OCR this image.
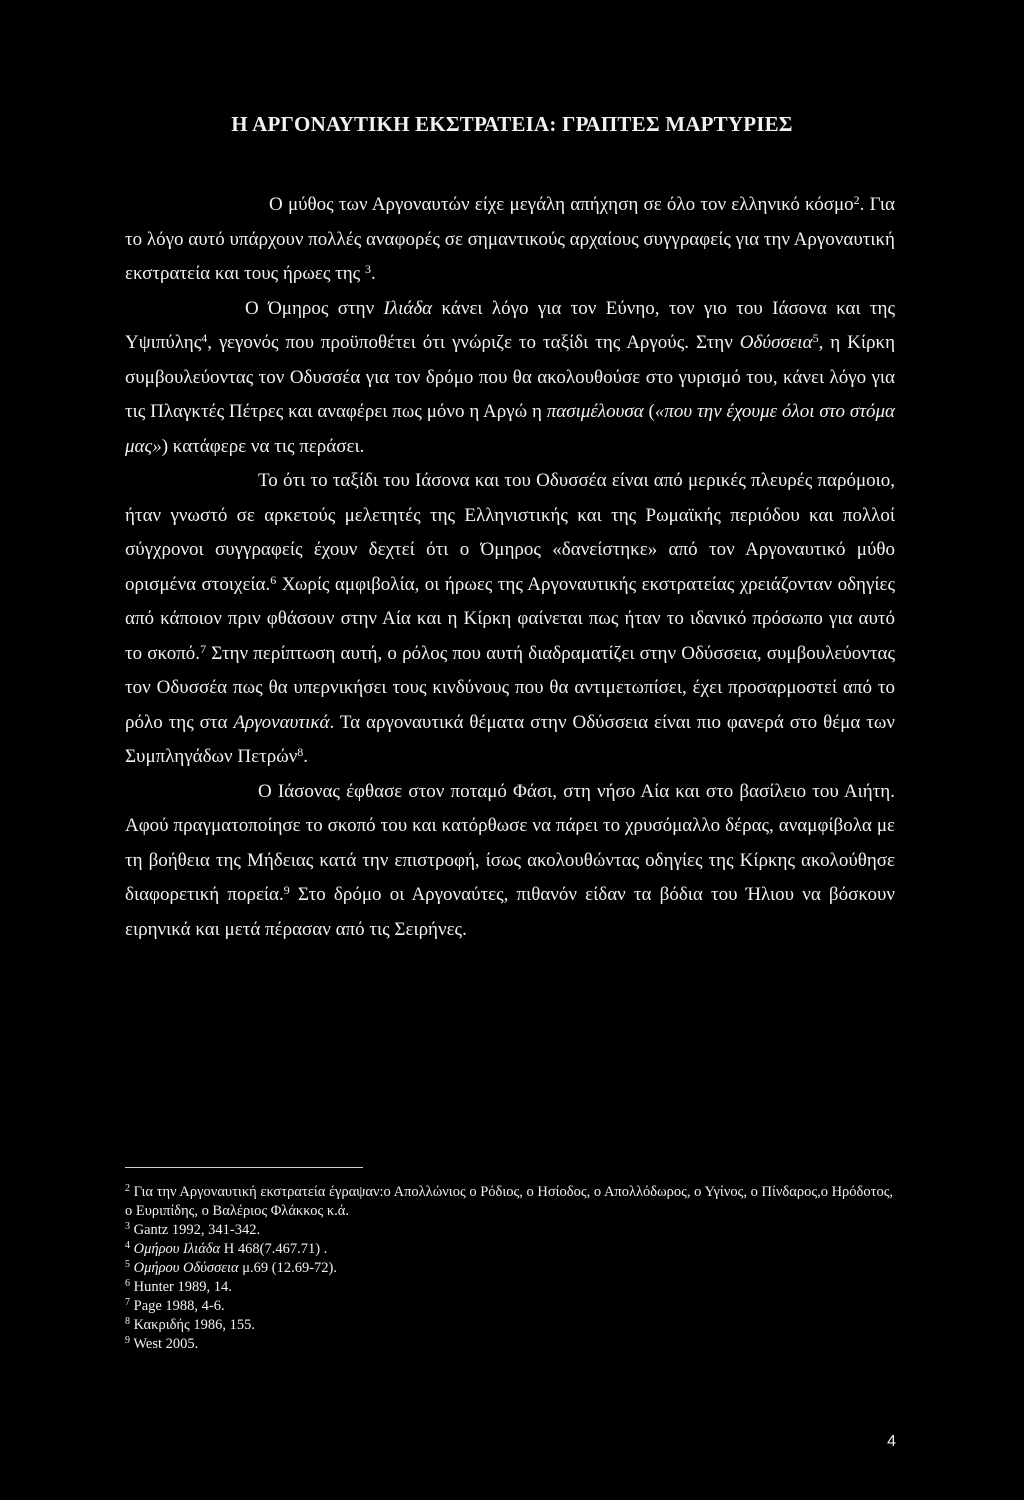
Η ΑΡΓΟΝΑΥΤΙΚΗ ΕΚΣΤΡΑΤΕΙΑ: ΓΡΑΠΤΕΣ ΜΑΡΤΥΡΙΕΣ

Ο μύθος των Αργοναυτών είχε μεγάλη απήχηση σε όλο τον ελληνικό κόσμο$^2$. Για το λόγο αυτό υπάρχουν πολλές αναφορές σε σημαντικούς αρχαίους συγγραφείς για την Αργοναυτική εκστρατεία και τους ήρωες της $^3$.

Ο Όμηρος στην Ιλιάδα κάνει λόγο για τον Εύνηο, τον γιο του Ιάσονα και της Υψιπύλης$^4$, γεγονός που προϋποθέτει ότι γνώριζε το ταξίδι της Αργούς. Στην Οδύσσεια$^5$, η Κίρκη συμβουλεύοντας τον Οδυσσέα για τον δρόμο που θα ακολουθούσε στο γυρισμό του, κάνει λόγο για τις Πλαγκτές Πέτρες και αναφέρει πως μόνο η Αργώ η πασιμέλουσα («που την έχουμε όλοι στο στόμα μας») κατάφερε να τις περάσει.

Το ότι το ταξίδι του Ιάσονα και του Οδυσσέα είναι από μερικές πλευρές παρόμοιο, ήταν γνωστό σε αρκετούς μελετητές της Ελληνιστικής και της Ρωμαϊκής περιόδου και πολλοί σύγχρονοι συγγραφείς έχουν δεχτεί ότι ο Όμηρος «δανείστηκε» από τον Αργοναυτικό μύθο ορισμένα στοιχεία.$^6$ Χωρίς αμφιβολία, οι ήρωες της Αργοναυτικής εκστρατείας χρειάζονταν οδηγίες από κάποιον πριν φθάσουν στην Αία και η Κίρκη φαίνεται πως ήταν το ιδανικό πρόσωπο για αυτό το σκοπό.$^7$ Στην περίπτωση αυτή, ο ρόλος που αυτή διαδραματίζει στην Οδύσσεια, συμβουλεύοντας τον Οδυσσέα πως θα υπερνικήσει τους κινδύνους που θα αντιμετωπίσει, έχει προσαρμοστεί από το ρόλο της στα Αργοναυτικά. Τα αργοναυτικά θέματα στην Οδύσσεια είναι πιο φανερά στο θέμα των Συμπληγάδων Πετρών$^8$.

Ο Ιάσονας έφθασε στον ποταμό Φάσι, στη νήσο Αία και στο βασίλειο του Αιήτη. Αφού πραγματοποίησε το σκοπό του και κατόρθωσε να πάρει το χρυσόμαλλο δέρας, αναμφίβολα με τη βοήθεια της Μήδειας κατά την επιστροφή, ίσως ακολουθώντας οδηγίες της Κίρκης ακολούθησε διαφορετική πορεία.$^9$ Στο δρόμο οι Αργοναύτες, πιθανόν είδαν τα βόδια του Ήλιου να βόσκουν ειρηνικά και μετά πέρασαν από τις Σειρήνες.

$^2$ Για την Αργοναυτική εκστρατεία έγραψαν:ο Απολλώνιος ο Ρόδιος, ο Ησίοδος, ο Απολλόδωρος, ο Υγίνος, ο Πίνδαρος,ο Ηρόδοτος, ο Ευριπίδης, ο Βαλέριος Φλάκκος κ.ά.

$^3$ Gantz 1992, 341-342.

$^4$ Ομήρου Ιλιάδα Η 468(7.467.71) .

$^5$ Ομήρου Οδύσσεια μ.69 (12.69-72).

$^6$ Hunter 1989, 14.

$^7$ Page 1988, 4-6.

$^8$ Κακριδής 1986, 155.

$^9$ West 2005.

4
